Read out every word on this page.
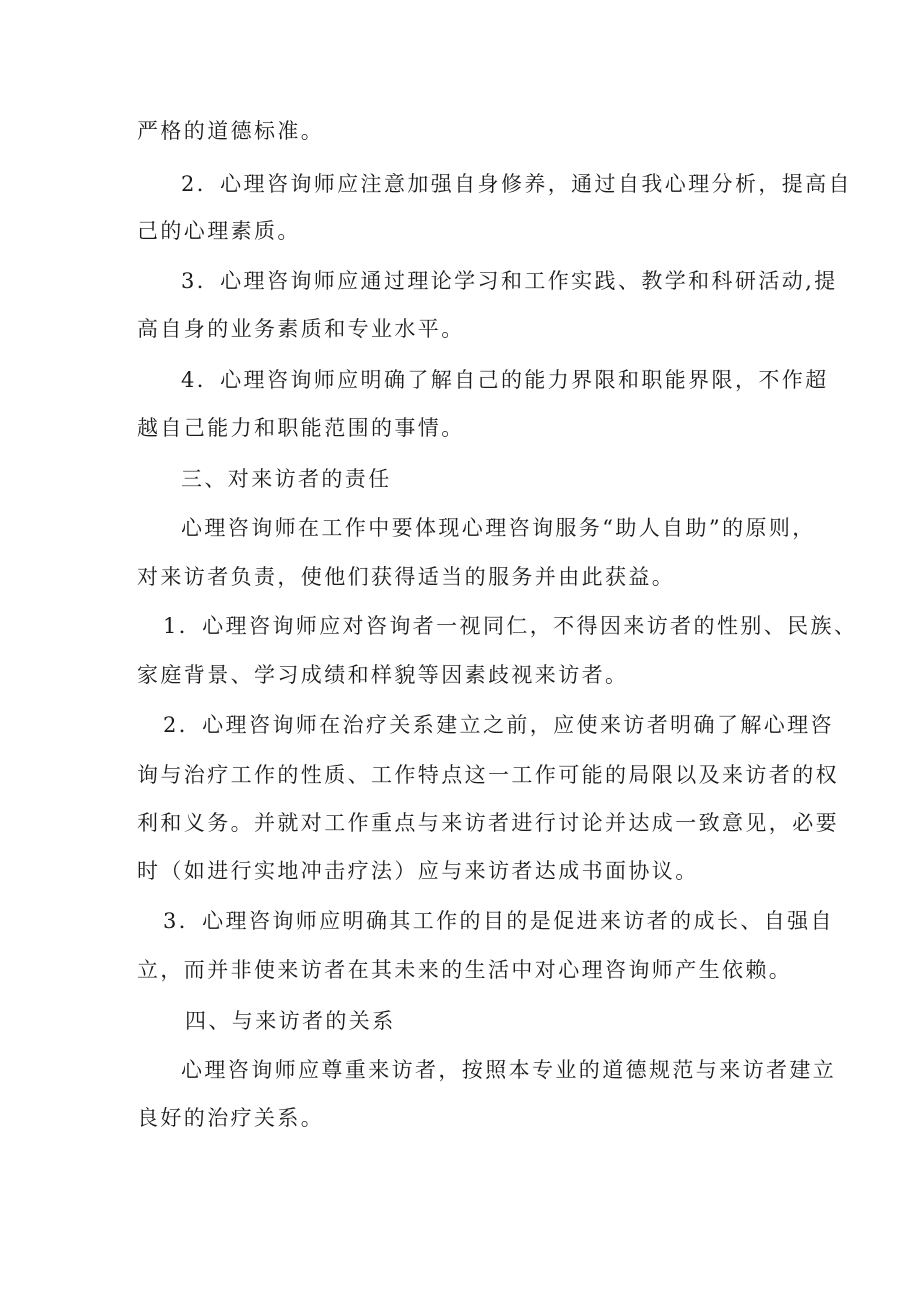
严格的道德标准。

2．心理咨询师应注意加强自身修养，通过自我心理分析，提高自

己的心理素质。

3．心理咨询师应通过理论学习和工作实践、教学和科研活动,提

高自身的业务素质和专业水平。

4．心理咨询师应明确了解自己的能力界限和职能界限，不作超

越自己能力和职能范围的事情。

三、对来访者的责任

心理咨询师在工作中要体现心理咨询服务“助人自助”的原则，

对来访者负责，使他们获得适当的服务并由此获益。

1．心理咨询师应对咨询者一视同仁，不得因来访者的性别、民族、

家庭背景、学习成绩和样貌等因素歧视来访者。

2．心理咨询师在治疗关系建立之前，应使来访者明确了解心理咨

询与治疗工作的性质、工作特点这一工作可能的局限以及来访者的权

利和义务。并就对工作重点与来访者进行讨论并达成一致意见，必要

时（如进行实地冲击疗法）应与来访者达成书面协议。

3．心理咨询师应明确其工作的目的是促进来访者的成长、自强自

立，而并非使来访者在其未来的生活中对心理咨询师产生依赖。

四、与来访者的关系

心理咨询师应尊重来访者，按照本专业的道德规范与来访者建立

良好的治疗关系。
